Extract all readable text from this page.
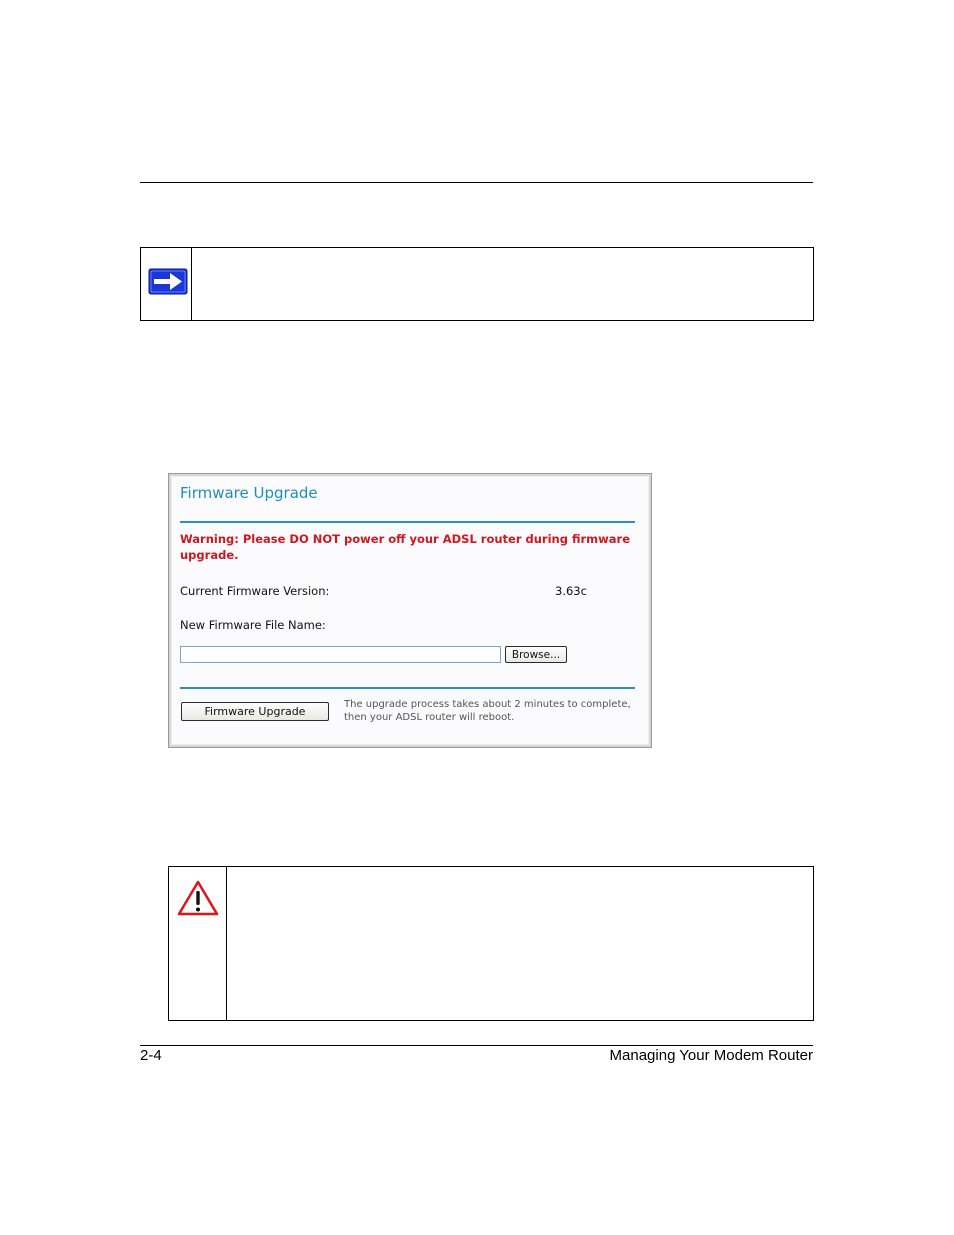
Firmware Upgrade
Warning: Please DO NOT power off your ADSL router during firmware upgrade.
Current Firmware Version:	3.63c
New Firmware File Name:
Browse...
Firmware Upgrade
The upgrade process takes about 2 minutes to complete, then your ADSL router will reboot.
2-4	Managing Your Modem Router
